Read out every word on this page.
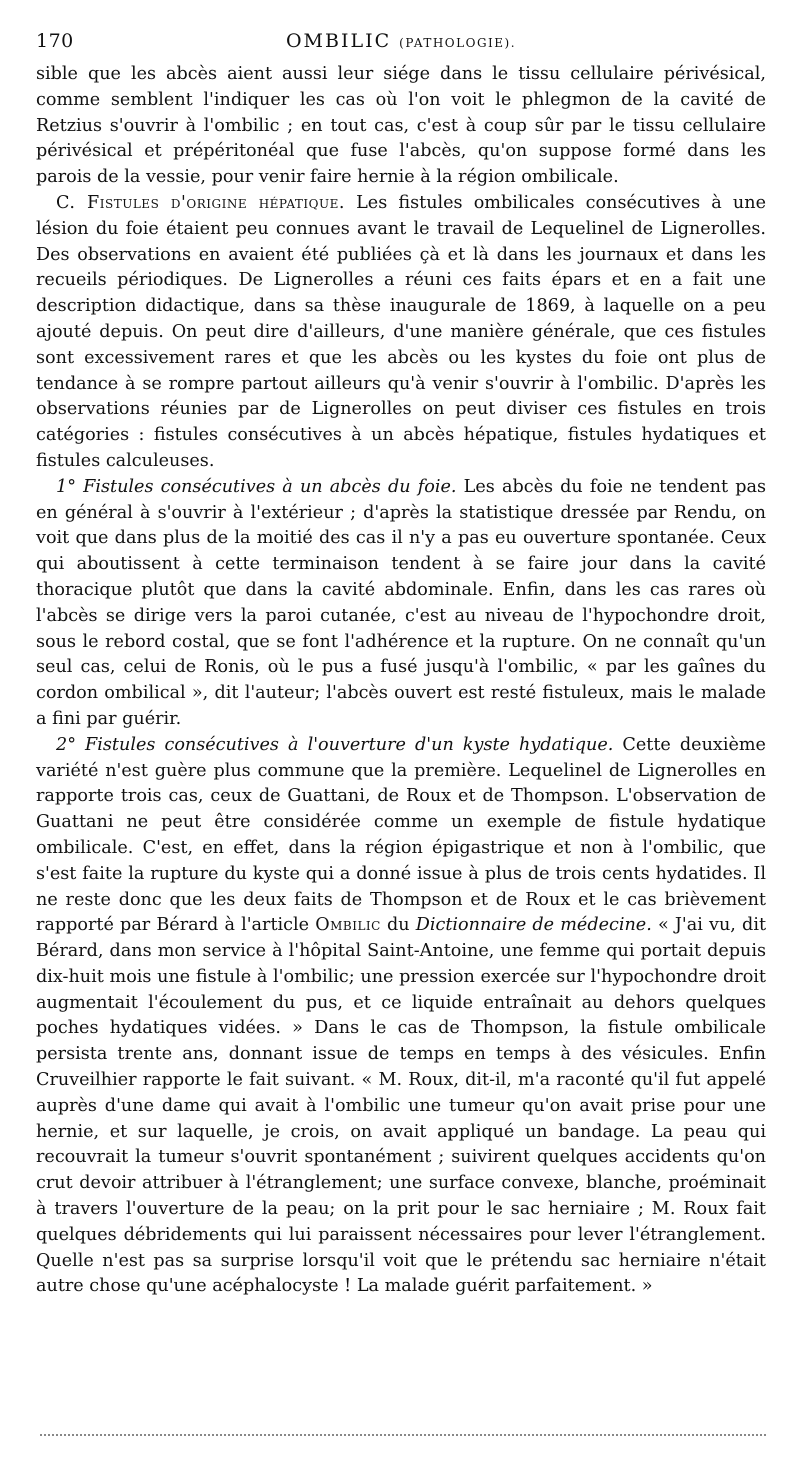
170	OMBILIC (PATHOLOGIE).

sible que les abcès aient aussi leur siége dans le tissu cellulaire périvésical, comme semblent l'indiquer les cas où l'on voit le phlegmon de la cavité de Retzius s'ouvrir à l'ombilic ; en tout cas, c'est à coup sûr par le tissu cellulaire périvésical et prépéritonéal que fuse l'abcès, qu'on suppose formé dans les parois de la vessie, pour venir faire hernie à la région ombilicale.

C. Fistules d'origine hépatique. Les fistules ombilicales consécutives à une lésion du foie étaient peu connues avant le travail de Lequelinel de Lignerolles. Des observations en avaient été publiées çà et là dans les journaux et dans les recueils périodiques. De Lignerolles a réuni ces faits épars et en a fait une description didactique, dans sa thèse inaugurale de 1869, à laquelle on a peu ajouté depuis. On peut dire d'ailleurs, d'une manière générale, que ces fistules sont excessivement rares et que les abcès ou les kystes du foie ont plus de tendance à se rompre partout ailleurs qu'à venir s'ouvrir à l'ombilic. D'après les observations réunies par de Lignerolles on peut diviser ces fistules en trois catégories : fistules consécutives à un abcès hépatique, fistules hydatiques et fistules calculeuses.

1° Fistules consécutives à un abcès du foie. Les abcès du foie ne tendent pas en général à s'ouvrir à l'extérieur ; d'après la statistique dressée par Rendu, on voit que dans plus de la moitié des cas il n'y a pas eu ouverture spontanée. Ceux qui aboutissent à cette terminaison tendent à se faire jour dans la cavité thoracique plutôt que dans la cavité abdominale. Enfin, dans les cas rares où l'abcès se dirige vers la paroi cutanée, c'est au niveau de l'hypochondre droit, sous le rebord costal, que se font l'adhérence et la rupture. On ne connaît qu'un seul cas, celui de Ronis, où le pus a fusé jusqu'à l'ombilic, « par les gaînes du cordon ombilical », dit l'auteur; l'abcès ouvert est resté fistuleux, mais le malade a fini par guérir.

2° Fistules consécutives à l'ouverture d'un kyste hydatique. Cette deuxième variété n'est guère plus commune que la première. Lequelinel de Lignerolles en rapporte trois cas, ceux de Guattani, de Roux et de Thompson. L'observation de Guattani ne peut être considérée comme un exemple de fistule hydatique ombilicale. C'est, en effet, dans la région épigastrique et non à l'ombilic, que s'est faite la rupture du kyste qui a donné issue à plus de trois cents hydatides. Il ne reste donc que les deux faits de Thompson et de Roux et le cas brièvement rapporté par Bérard à l'article Ombilic du Dictionnaire de médecine. « J'ai vu, dit Bérard, dans mon service à l'hôpital Saint-Antoine, une femme qui portait depuis dix-huit mois une fistule à l'ombilic; une pression exercée sur l'hypochondre droit augmentait l'écoulement du pus, et ce liquide entraînait au dehors quelques poches hydatiques vidées. » Dans le cas de Thompson, la fistule ombilicale persista trente ans, donnant issue de temps en temps à des vésicules. Enfin Cruveilhier rapporte le fait suivant. « M. Roux, dit-il, m'a raconté qu'il fut appelé auprès d'une dame qui avait à l'ombilic une tumeur qu'on avait prise pour une hernie, et sur laquelle, je crois, on avait appliqué un bandage. La peau qui recouvrait la tumeur s'ouvrit spontanément ; suivirent quelques accidents qu'on crut devoir attribuer à l'étranglement; une surface convexe, blanche, proéminait à travers l'ouverture de la peau; on la prit pour le sac herniaire ; M. Roux fait quelques débridements qui lui paraissent nécessaires pour lever l'étranglement. Quelle n'est pas sa surprise lorsqu'il voit que le prétendu sac herniaire n'était autre chose qu'une acéphalocyste ! La malade guérit parfaitement. »
